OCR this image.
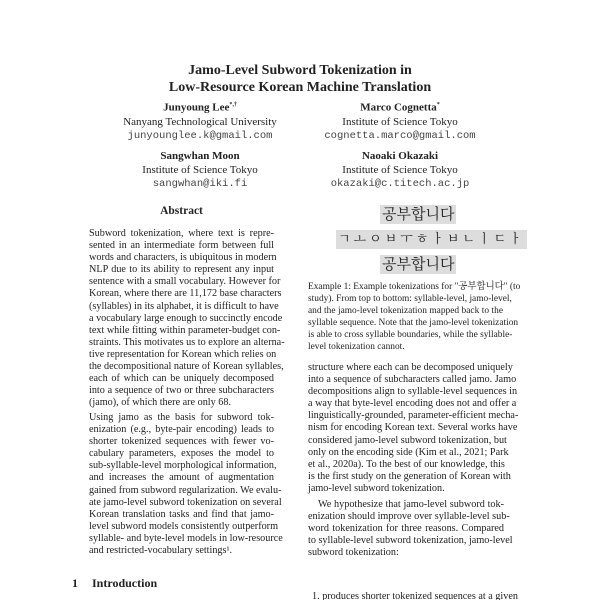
Jamo-Level Subword Tokenization in
Low-Resource Korean Machine Translation
Junyoung Lee*,†
Nanyang Technological University
junyounglee.k@gmail.com
Marco Cognetta*
Institute of Science Tokyo
cognetta.marco@gmail.com
Sangwhan Moon
Institute of Science Tokyo
sangwhan@iki.fi
Naoaki Okazaki
Institute of Science Tokyo
okazaki@c.titech.ac.jp
Abstract
Subword tokenization, where text is repre-
sented in an intermediate form between full
words and characters, is ubiquitous in modern
NLP due to its ability to represent any input
sentence with a small vocabulary. However for
Korean, where there are 11,172 base characters
(syllables) in its alphabet, it is difficult to have
a vocabulary large enough to succinctly encode
text while fitting within parameter-budget con-
straints. This motivates us to explore an alterna-
tive representation for Korean which relies on
the decompositional nature of Korean syllables,
each of which can be uniquely decomposed
into a sequence of two or three subcharacters
(jamo), of which there are only 68.
Using jamo as the basis for subword tok-
enization (e.g., byte-pair encoding) leads to
shorter tokenized sequences with fewer vo-
cabulary parameters, exposes the model to
sub-syllable-level morphological information,
and increases the amount of augmentation
gained from subword regularization. We evalu-
ate jamo-level subword tokenization on several
Korean translation tasks and find that jamo-
level subword models consistently outperform
syllable- and byte-level models in low-resource
and restricted-vocabulary settings¹.
1 Introduction
공부합니다
ㄱㅗㅇㅂㅜㅎㅏㅂㄴㅣㄷㅏ
공부합니다
Example 1: Example tokenizations for "공부합니다" (to
study). From top to bottom: syllable-level, jamo-level,
and the jamo-level tokenization mapped back to the
syllable sequence. Note that the jamo-level tokenization
is able to cross syllable boundaries, while the syllable-
level tokenization cannot.
structure where each can be decomposed uniquely
into a sequence of subcharacters called jamo. Jamo
decompositions align to syllable-level sequences in
a way that byte-level encoding does not and offer a
linguistically-grounded, parameter-efficient mecha-
nism for encoding Korean text. Several works have
considered jamo-level subword tokenization, but
only on the encoding side (Kim et al., 2021; Park
et al., 2020a). To the best of our knowledge, this
is the first study on the generation of Korean with
jamo-level subword tokenization.
We hypothesize that jamo-level subword tok-
enization should improve over syllable-level sub-
word tokenization for three reasons. Compared
to syllable-level subword tokenization, jamo-level
subword tokenization:
1. produces shorter tokenized sequences at a given
